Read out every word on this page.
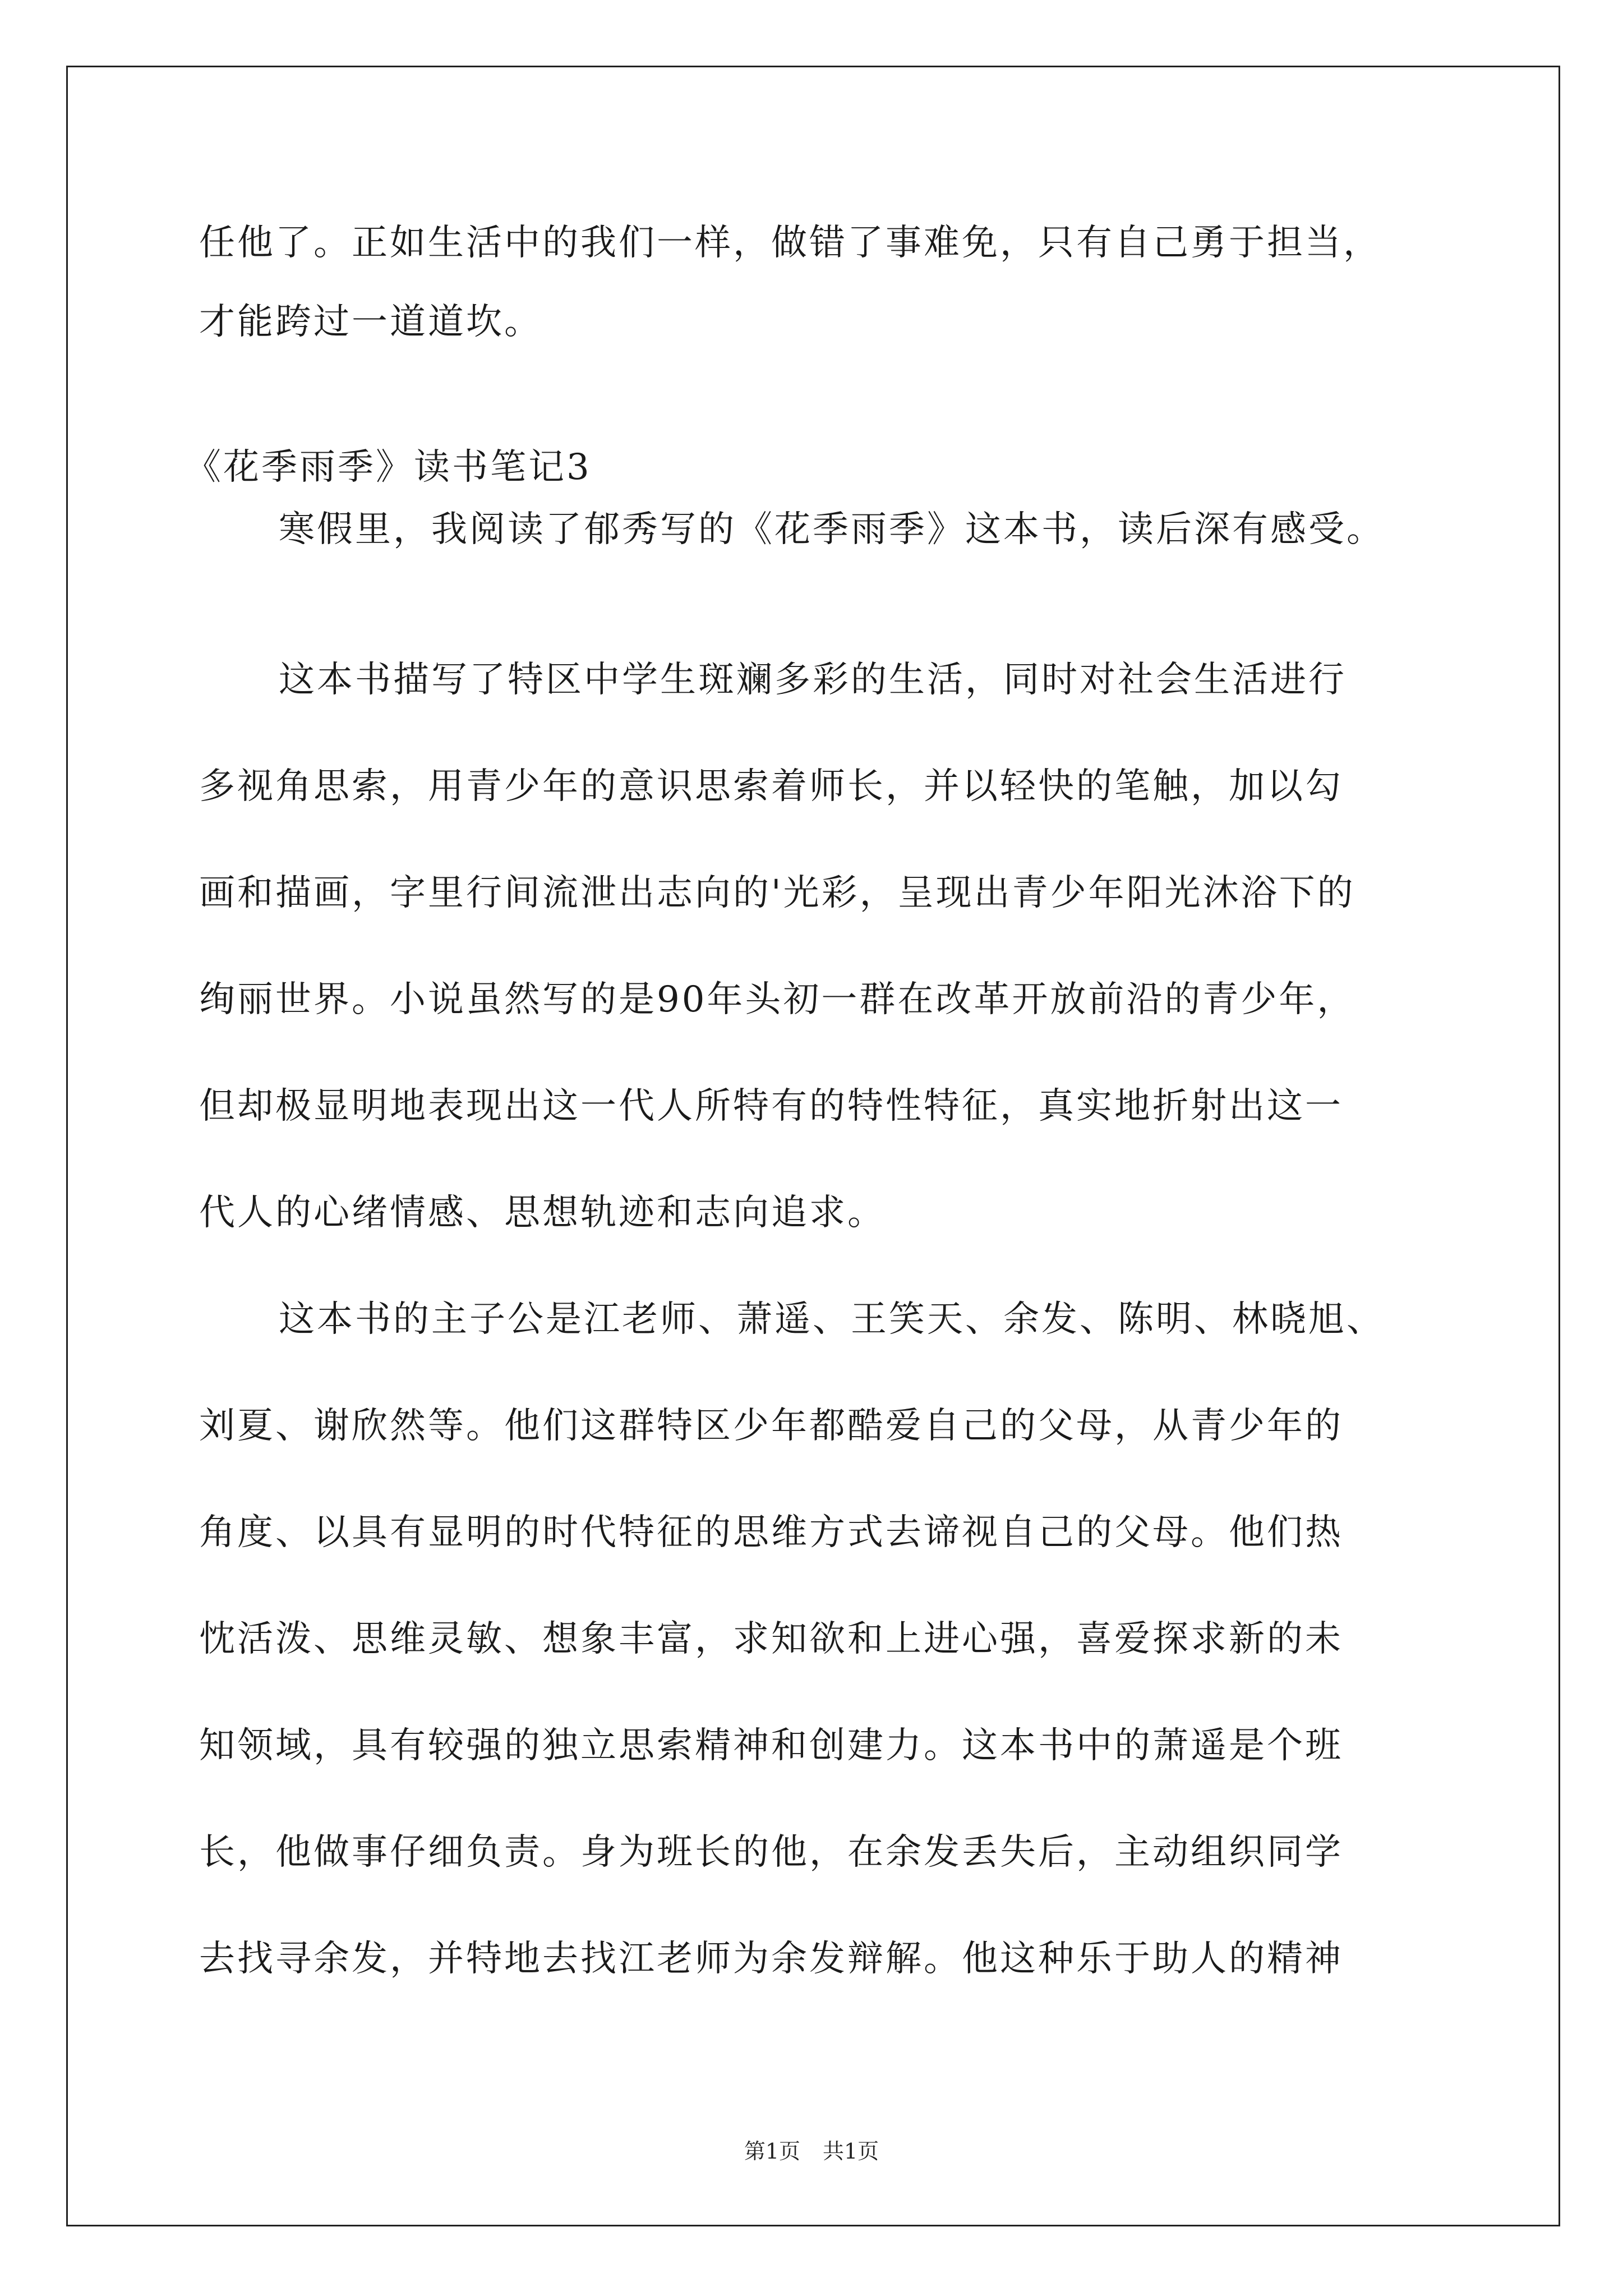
任他了。正如生活中的我们一样，做错了事难免，只有自己勇于担当，
才能跨过一道道坎。
《花季雨季》读书笔记3
寒假里，我阅读了郁秀写的《花季雨季》这本书，读后深有感受。
这本书描写了特区中学生斑斓多彩的生活，同时对社会生活进行
多视角思索，用青少年的意识思索着师长，并以轻快的笔触，加以勾
画和描画，字里行间流泄出志向的'光彩，呈现出青少年阳光沐浴下的
绚丽世界。小说虽然写的是90年头初一群在改革开放前沿的青少年，
但却极显明地表现出这一代人所特有的特性特征，真实地折射出这一
代人的心绪情感、思想轨迹和志向追求。
这本书的主子公是江老师、萧遥、王笑天、余发、陈明、林晓旭、
刘夏、谢欣然等。他们这群特区少年都酷爱自己的父母，从青少年的
角度、以具有显明的时代特征的思维方式去谛视自己的父母。他们热
忱活泼、思维灵敏、想象丰富，求知欲和上进心强，喜爱探求新的未
知领域，具有较强的独立思索精神和创建力。这本书中的萧遥是个班
长，他做事仔细负责。身为班长的他，在余发丢失后，主动组织同学
去找寻余发，并特地去找江老师为余发辩解。他这种乐于助人的精神
第1页 共1页
